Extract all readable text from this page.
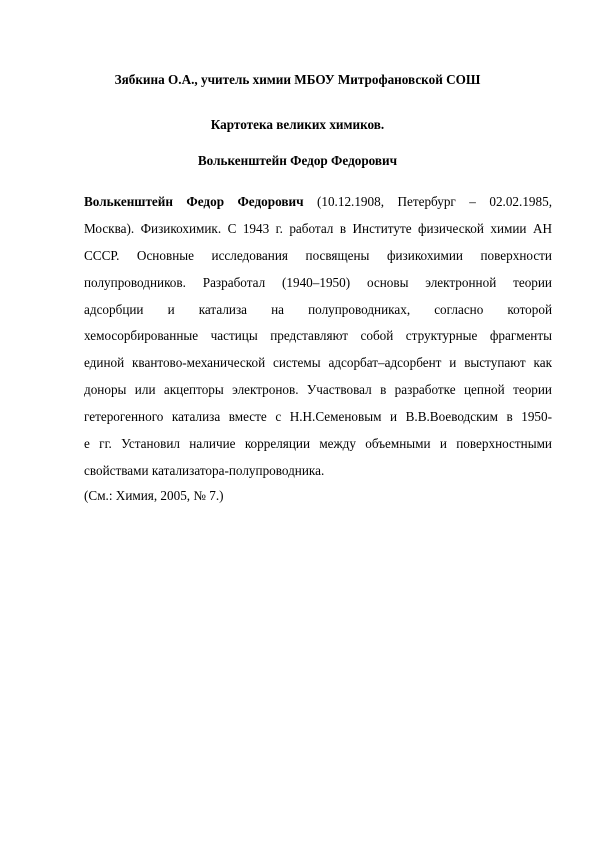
Зябкина О.А., учитель химии МБОУ Митрофановской СОШ
Картотека великих химиков.
Волькенштейн Федор Федорович
Волькенштейн Федор Федорович (10.12.1908, Петербург – 02.02.1985,
Москва). Физикохимик. С 1943 г. работал в Институте физической химии АН
СССР. Основные исследования посвящены физикохимии поверхности
полупроводников. Разработал (1940–1950) основы электронной теории
адсорбции и катализа на полупроводниках, согласно которой
хемосорбированные частицы представляют собой структурные фрагменты
единой квантово-механической системы адсорбат–адсорбент и выступают как
доноры или акцепторы электронов. Участвовал в разработке цепной теории
гетерогенного катализа вместе с Н.Н.Семеновым и В.В.Воеводским в 1950-
е гг. Установил наличие корреляции между объемными и поверхностными
свойствами катализатора-полупроводника.
(См.: Химия, 2005, № 7.)
